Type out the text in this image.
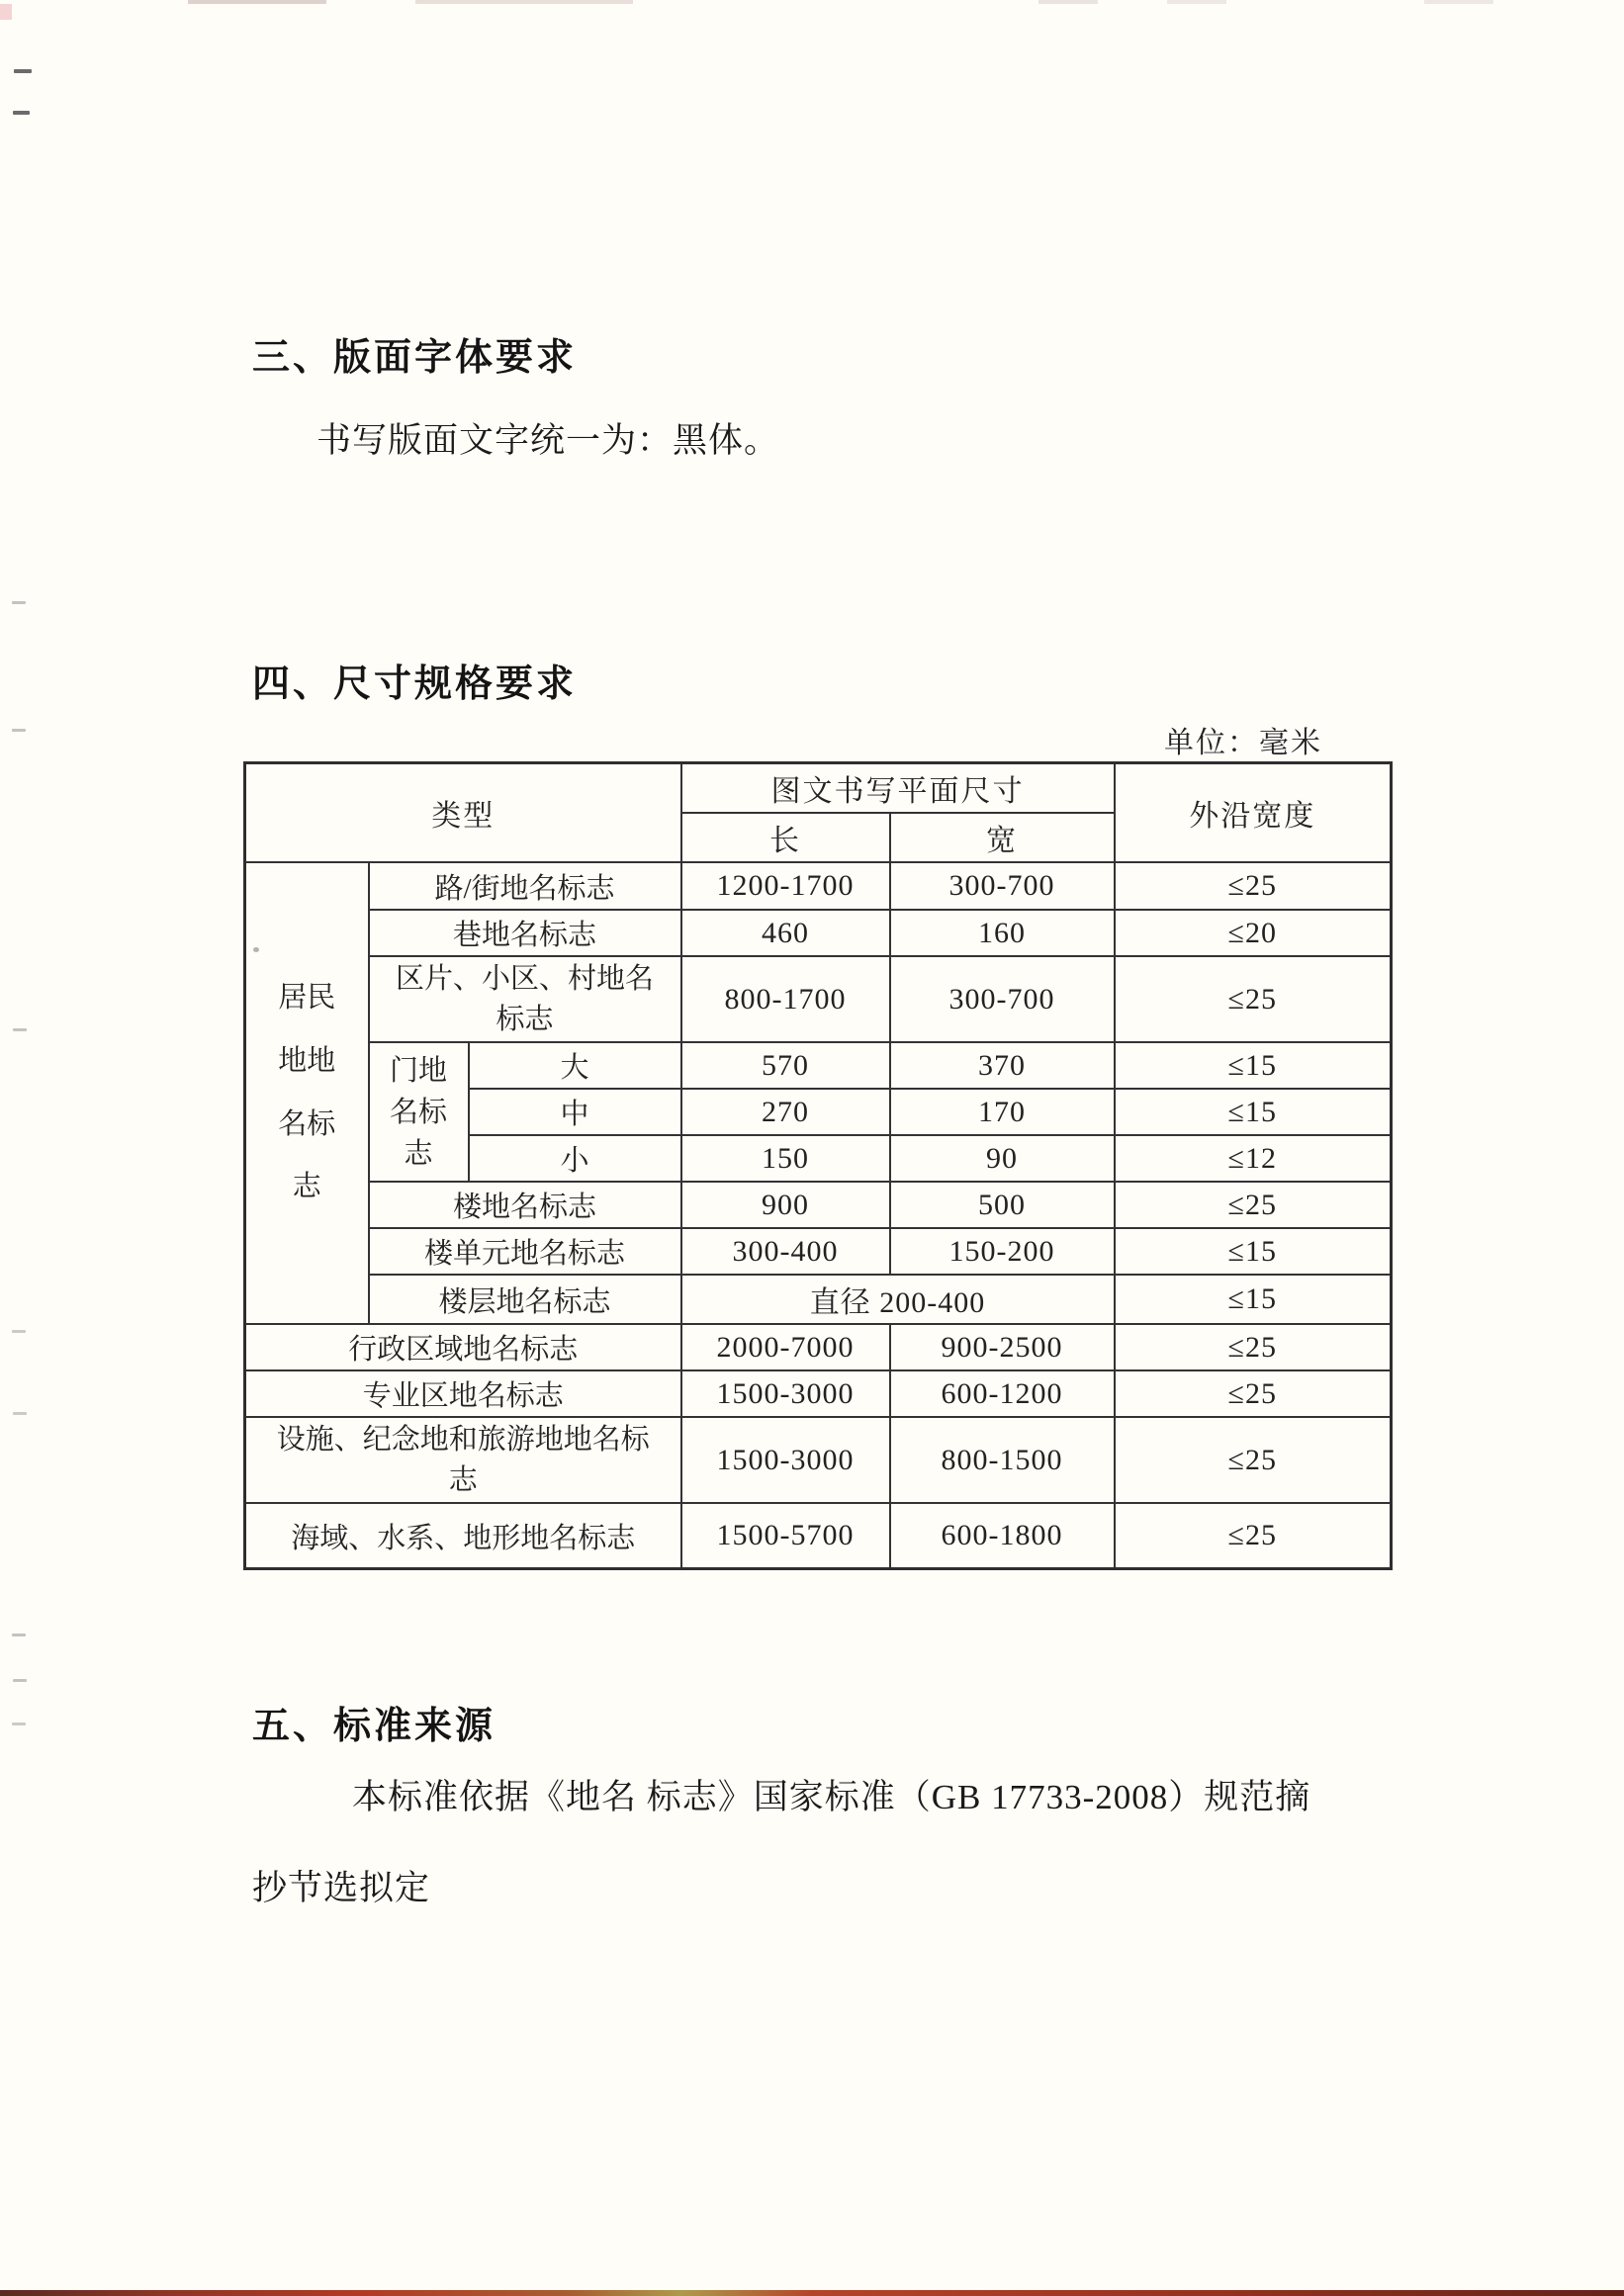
三、版面字体要求
书写版面文字统一为：黑体。
四、尺寸规格要求
单位：毫米
类型			图文书写平面尺寸		外沿宽度
			长	宽	
居民地地名标志	路/街地名标志		1200-1700	300-700	≤25
	巷地名标志		460	160	≤20
	区片、小区、村地名标志		800-1700	300-700	≤25
	门地名标志	大	570	370	≤15
		中	270	170	≤15
		小	150	90	≤12
	楼地名标志		900	500	≤25
	楼单元地名标志		300-400	150-200	≤15
	楼层地名标志		直径 200-400		≤15
行政区域地名标志			2000-7000	900-2500	≤25
专业区地名标志			1500-3000	600-1200	≤25
设施、纪念地和旅游地地名标志			1500-3000	800-1500	≤25
海域、水系、地形地名标志			1500-5700	600-1800	≤25
五、标准来源
本标准依据《地名 标志》国家标准（GB 17733-2008）规范摘
抄节选拟定
